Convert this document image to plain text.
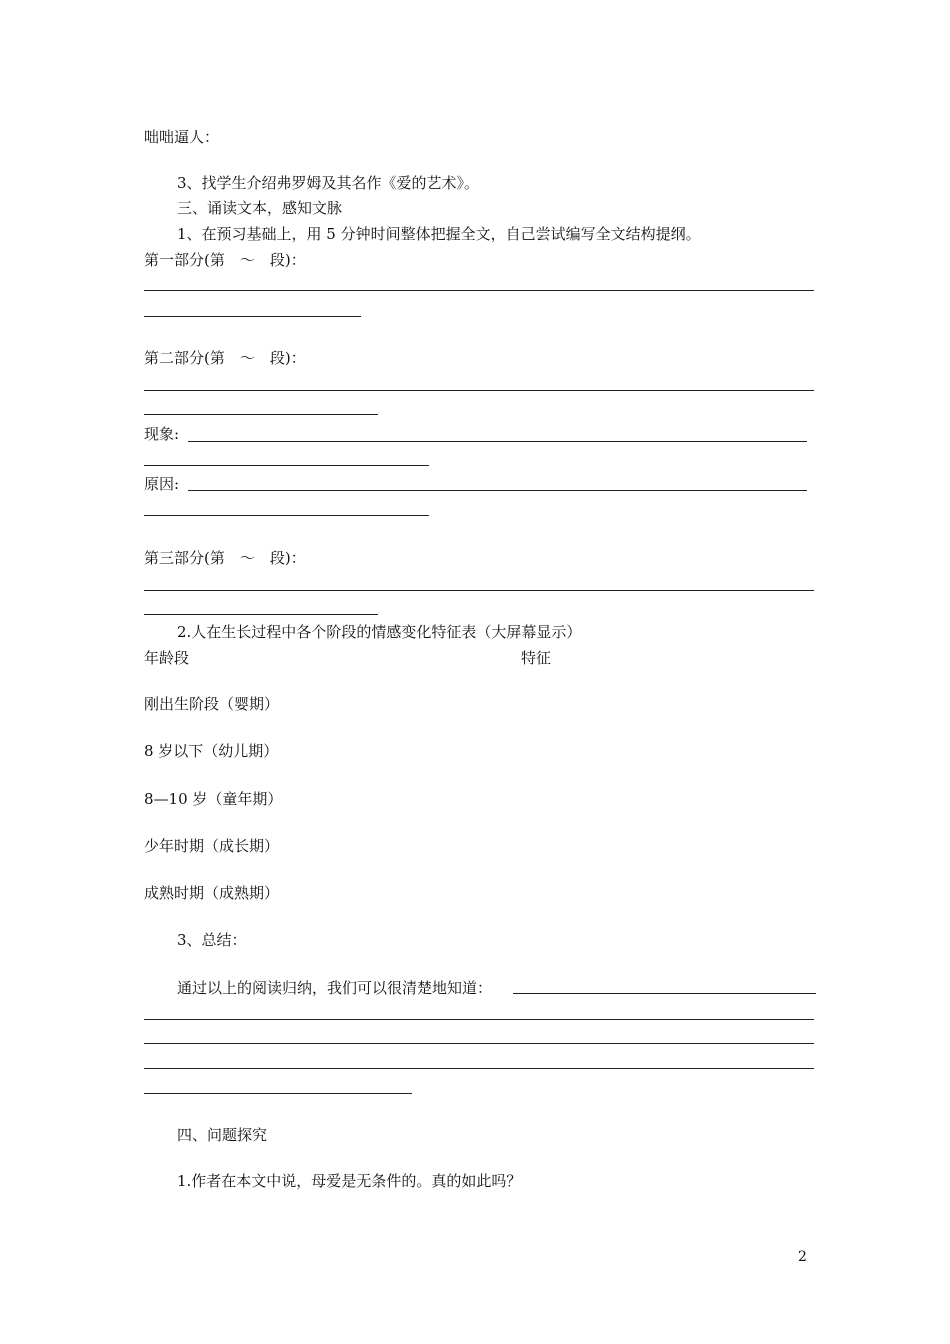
咄咄逼人：
3、找学生介绍弗罗姆及其名作《爱的艺术》。
三、诵读文本，感知文脉
1、在预习基础上，用 5 分钟时间整体把握全文，自己尝试编写全文结构提纲。
第一部分(第　～　段)：
第二部分(第　～　段)：
现象:
原因:
第三部分(第　～　段)：
2.人在生长过程中各个阶段的情感变化特征表（大屏幕显示）
年龄段	特征
刚出生阶段（婴期）
8 岁以下（幼儿期）
8—10 岁（童年期）
少年时期（成长期）
成熟时期（成熟期）
3、总结：
通过以上的阅读归纳，我们可以很清楚地知道：
四、问题探究
1.作者在本文中说，母爱是无条件的。真的如此吗？
2
